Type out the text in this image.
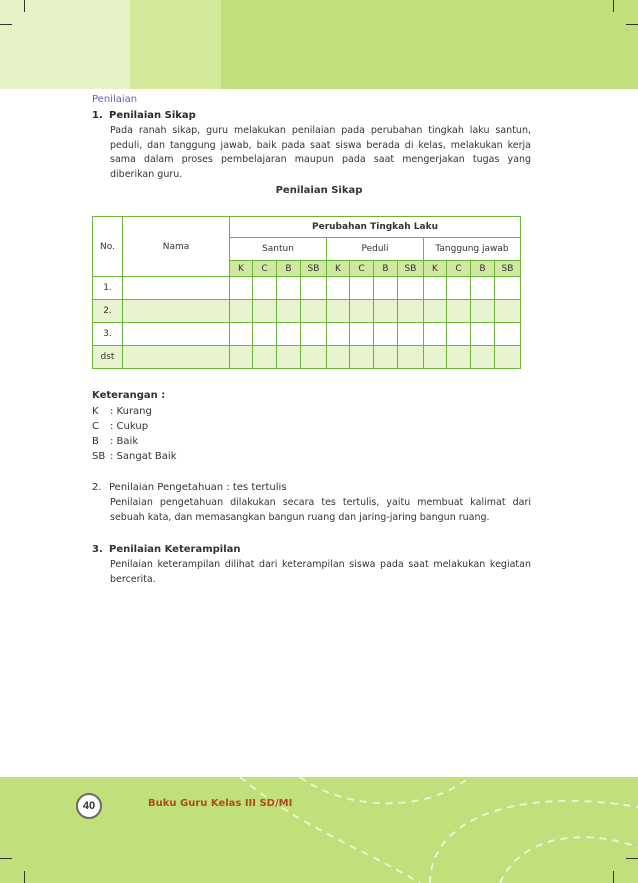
Penilaian
1. Penilaian Sikap
Pada ranah sikap, guru melakukan penilaian pada perubahan tingkah laku santun, peduli, dan tanggung jawab, baik pada saat siswa berada di kelas, melakukan kerja sama dalam proses pembelajaran maupun pada saat mengerjakan tugas yang diberikan guru.
Penilaian Sikap
No.	Nama	Perubahan Tingkah Laku											
		Santun				Peduli				Tanggung jawab			
		K	C	B	SB	K	C	B	SB	K	C	B	SB
1.													
2.													
3.													
dst													
Keterangan :
K : Kurang
C : Cukup
B : Baik
SB : Sangat Baik
2. Penilaian Pengetahuan : tes tertulis
Penilaian pengetahuan dilakukan secara tes tertulis, yaitu membuat kalimat dari sebuah kata, dan memasangkan bangun ruang dan jaring-jaring bangun ruang.
3. Penilaian Keterampilan
Penilaian keterampilan dilihat dari keterampilan siswa pada saat melakukan kegiatan bercerita.
40	Buku Guru Kelas III SD/MI
